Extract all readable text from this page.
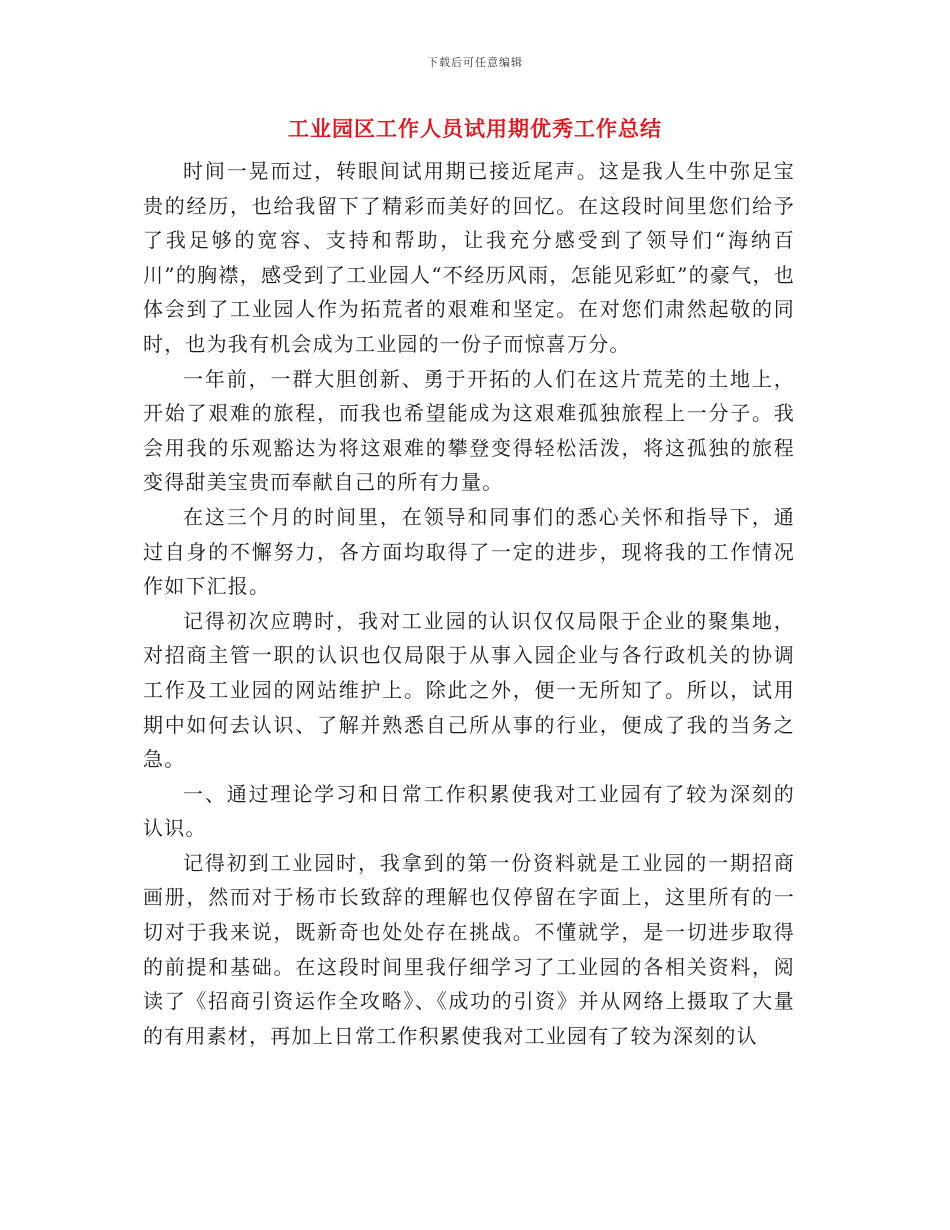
下载后可任意编辑
工业园区工作人员试用期优秀工作总结

时间一晃而过，转眼间试用期已接近尾声。这是我人生中弥足宝贵的经历，也给我留下了精彩而美好的回忆。在这段时间里您们给予了我足够的宽容、支持和帮助，让我充分感受到了领导们“海纳百川”的胸襟，感受到了工业园人“不经历风雨，怎能见彩虹”的豪气，也体会到了工业园人作为拓荒者的艰难和坚定。在对您们肃然起敬的同时，也为我有机会成为工业园的一份子而惊喜万分。

一年前，一群大胆创新、勇于开拓的人们在这片荒芜的土地上，开始了艰难的旅程，而我也希望能成为这艰难孤独旅程上一分子。我会用我的乐观豁达为将这艰难的攀登变得轻松活泼，将这孤独的旅程变得甜美宝贵而奉献自己的所有力量。

在这三个月的时间里，在领导和同事们的悉心关怀和指导下，通过自身的不懈努力，各方面均取得了一定的进步，现将我的工作情况作如下汇报。

记得初次应聘时，我对工业园的认识仅仅局限于企业的聚集地，对招商主管一职的认识也仅局限于从事入园企业与各行政机关的协调工作及工业园的网站维护上。除此之外，便一无所知了。所以，试用期中如何去认识、了解并熟悉自己所从事的行业，便成了我的当务之急。

一、通过理论学习和日常工作积累使我对工业园有了较为深刻的认识。

记得初到工业园时，我拿到的第一份资料就是工业园的一期招商画册，然而对于杨市长致辞的理解也仅停留在字面上，这里所有的一切对于我来说，既新奇也处处存在挑战。不懂就学，是一切进步取得的前提和基础。在这段时间里我仔细学习了工业园的各相关资料，阅读了《招商引资运作全攻略》、《成功的引资》并从网络上摄取了大量的有用素材，再加上日常工作积累使我对工业园有了较为深刻的认
